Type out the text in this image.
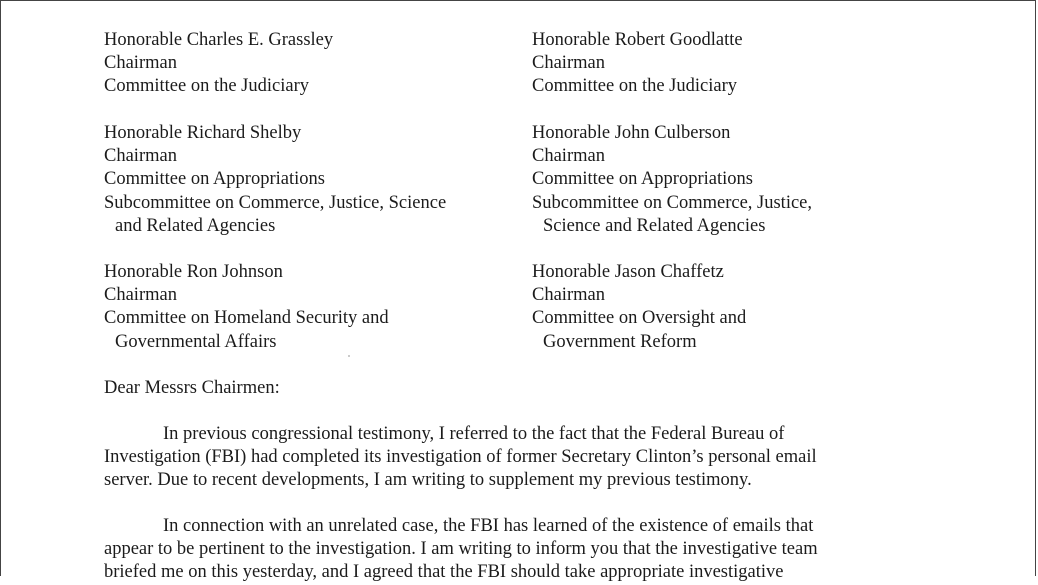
Honorable Charles E. Grassley
Chairman
Committee on the Judiciary
Honorable Robert Goodlatte
Chairman
Committee on the Judiciary
Honorable Richard Shelby
Chairman
Committee on Appropriations
Subcommittee on Commerce, Justice, Science
and Related Agencies
Honorable John Culberson
Chairman
Committee on Appropriations
Subcommittee on Commerce, Justice,
Science and Related Agencies
Honorable Ron Johnson
Chairman
Committee on Homeland Security and
Governmental Affairs
Honorable Jason Chaffetz
Chairman
Committee on Oversight and
Government Reform
Dear Messrs Chairmen:
In previous congressional testimony, I referred to the fact that the Federal Bureau of
Investigation (FBI) had completed its investigation of former Secretary Clinton’s personal email
server. Due to recent developments, I am writing to supplement my previous testimony.
In connection with an unrelated case, the FBI has learned of the existence of emails that
appear to be pertinent to the investigation. I am writing to inform you that the investigative team
briefed me on this yesterday, and I agreed that the FBI should take appropriate investigative
